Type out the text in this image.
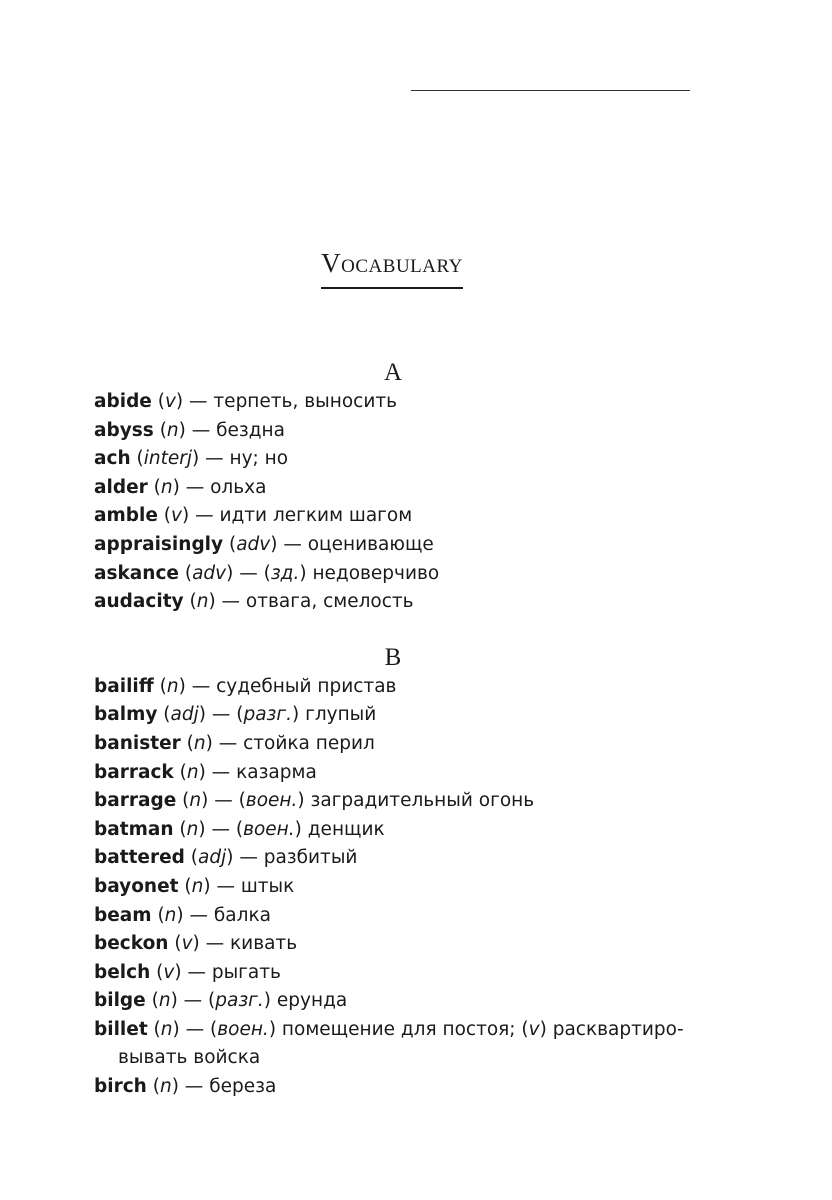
Vocabulary
A
abide (v) — терпеть, выносить
abyss (n) — бездна
ach (interj) — ну; но
alder (n) — ольха
amble (v) — идти легким шагом
appraisingly (adv) — оценивающе
askance (adv) — (зд.) недоверчиво
audacity (n) — отвага, смелость
B
bailiff (n) — судебный пристав
balmy (adj) — (разг.) глупый
banister (n) — стойка перил
barrack (n) — казарма
barrage (n) — (воен.) заградительный огонь
batman (n) — (воен.) денщик
battered (adj) — разбитый
bayonet (n) — штык
beam (n) — балка
beckon (v) — кивать
belch (v) — рыгать
bilge (n) — (разг.) ерунда
billet (n) — (воен.) помещение для постоя; (v) расквартиро-вывать войска
birch (n) — береза
